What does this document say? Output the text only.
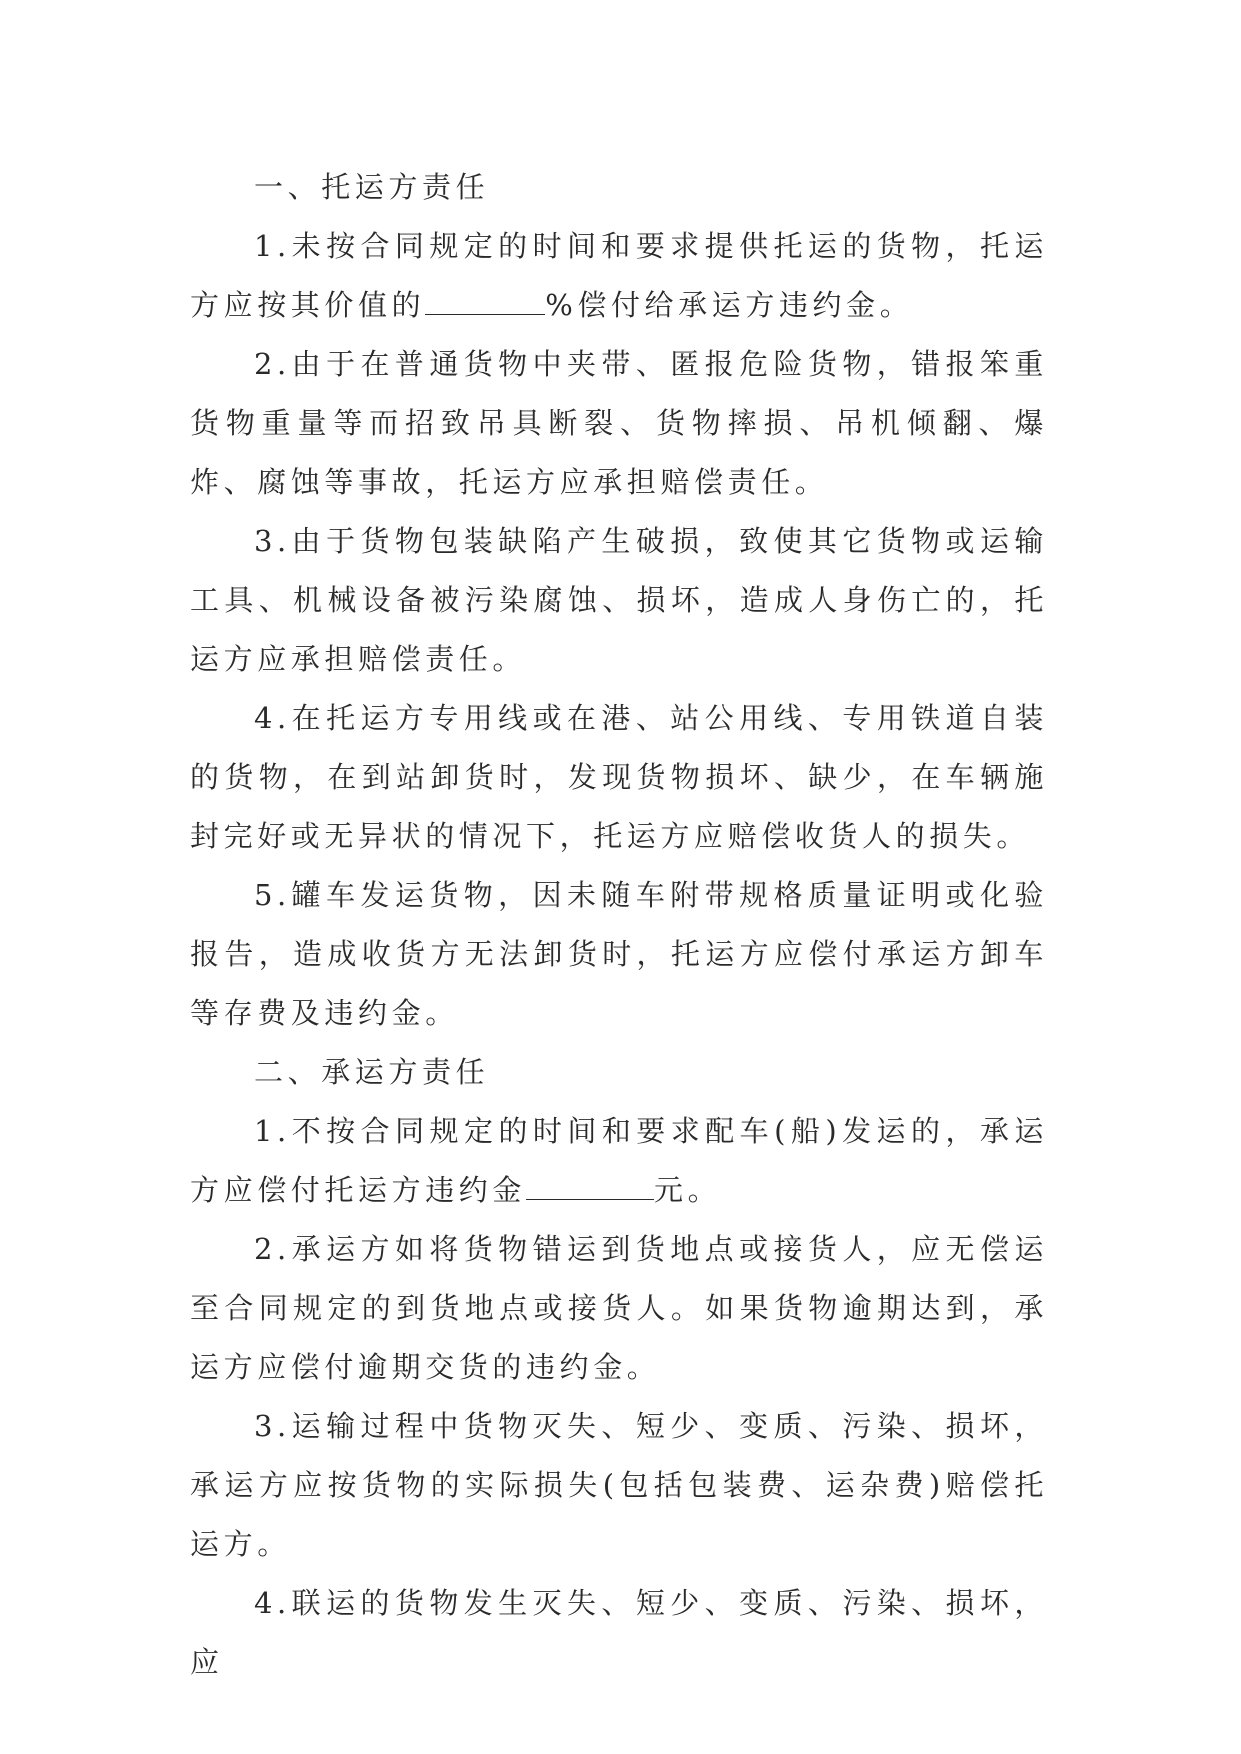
一、托运方责任

1.未按合同规定的时间和要求提供托运的货物，托运方应按其价值的	%偿付给承运方违约金。

2.由于在普通货物中夹带、匿报危险货物，错报笨重货物重量等而招致吊具断裂、货物摔损、吊机倾翻、爆炸、腐蚀等事故，托运方应承担赔偿责任。

3.由于货物包装缺陷产生破损，致使其它货物或运输工具、机械设备被污染腐蚀、损坏，造成人身伤亡的，托运方应承担赔偿责任。

4.在托运方专用线或在港、站公用线、专用铁道自装的货物，在到站卸货时，发现货物损坏、缺少，在车辆施封完好或无异状的情况下，托运方应赔偿收货人的损失。

5.罐车发运货物，因未随车附带规格质量证明或化验报告，造成收货方无法卸货时，托运方应偿付承运方卸车等存费及违约金。

二、承运方责任

1.不按合同规定的时间和要求配车(船)发运的，承运方应偿付托运方违约金	元。

2.承运方如将货物错运到货地点或接货人，应无偿运至合同规定的到货地点或接货人。如果货物逾期达到，承运方应偿付逾期交货的违约金。

3.运输过程中货物灭失、短少、变质、污染、损坏，承运方应按货物的实际损失(包括包装费、运杂费)赔偿托运方。

4.联运的货物发生灭失、短少、变质、污染、损坏，应
